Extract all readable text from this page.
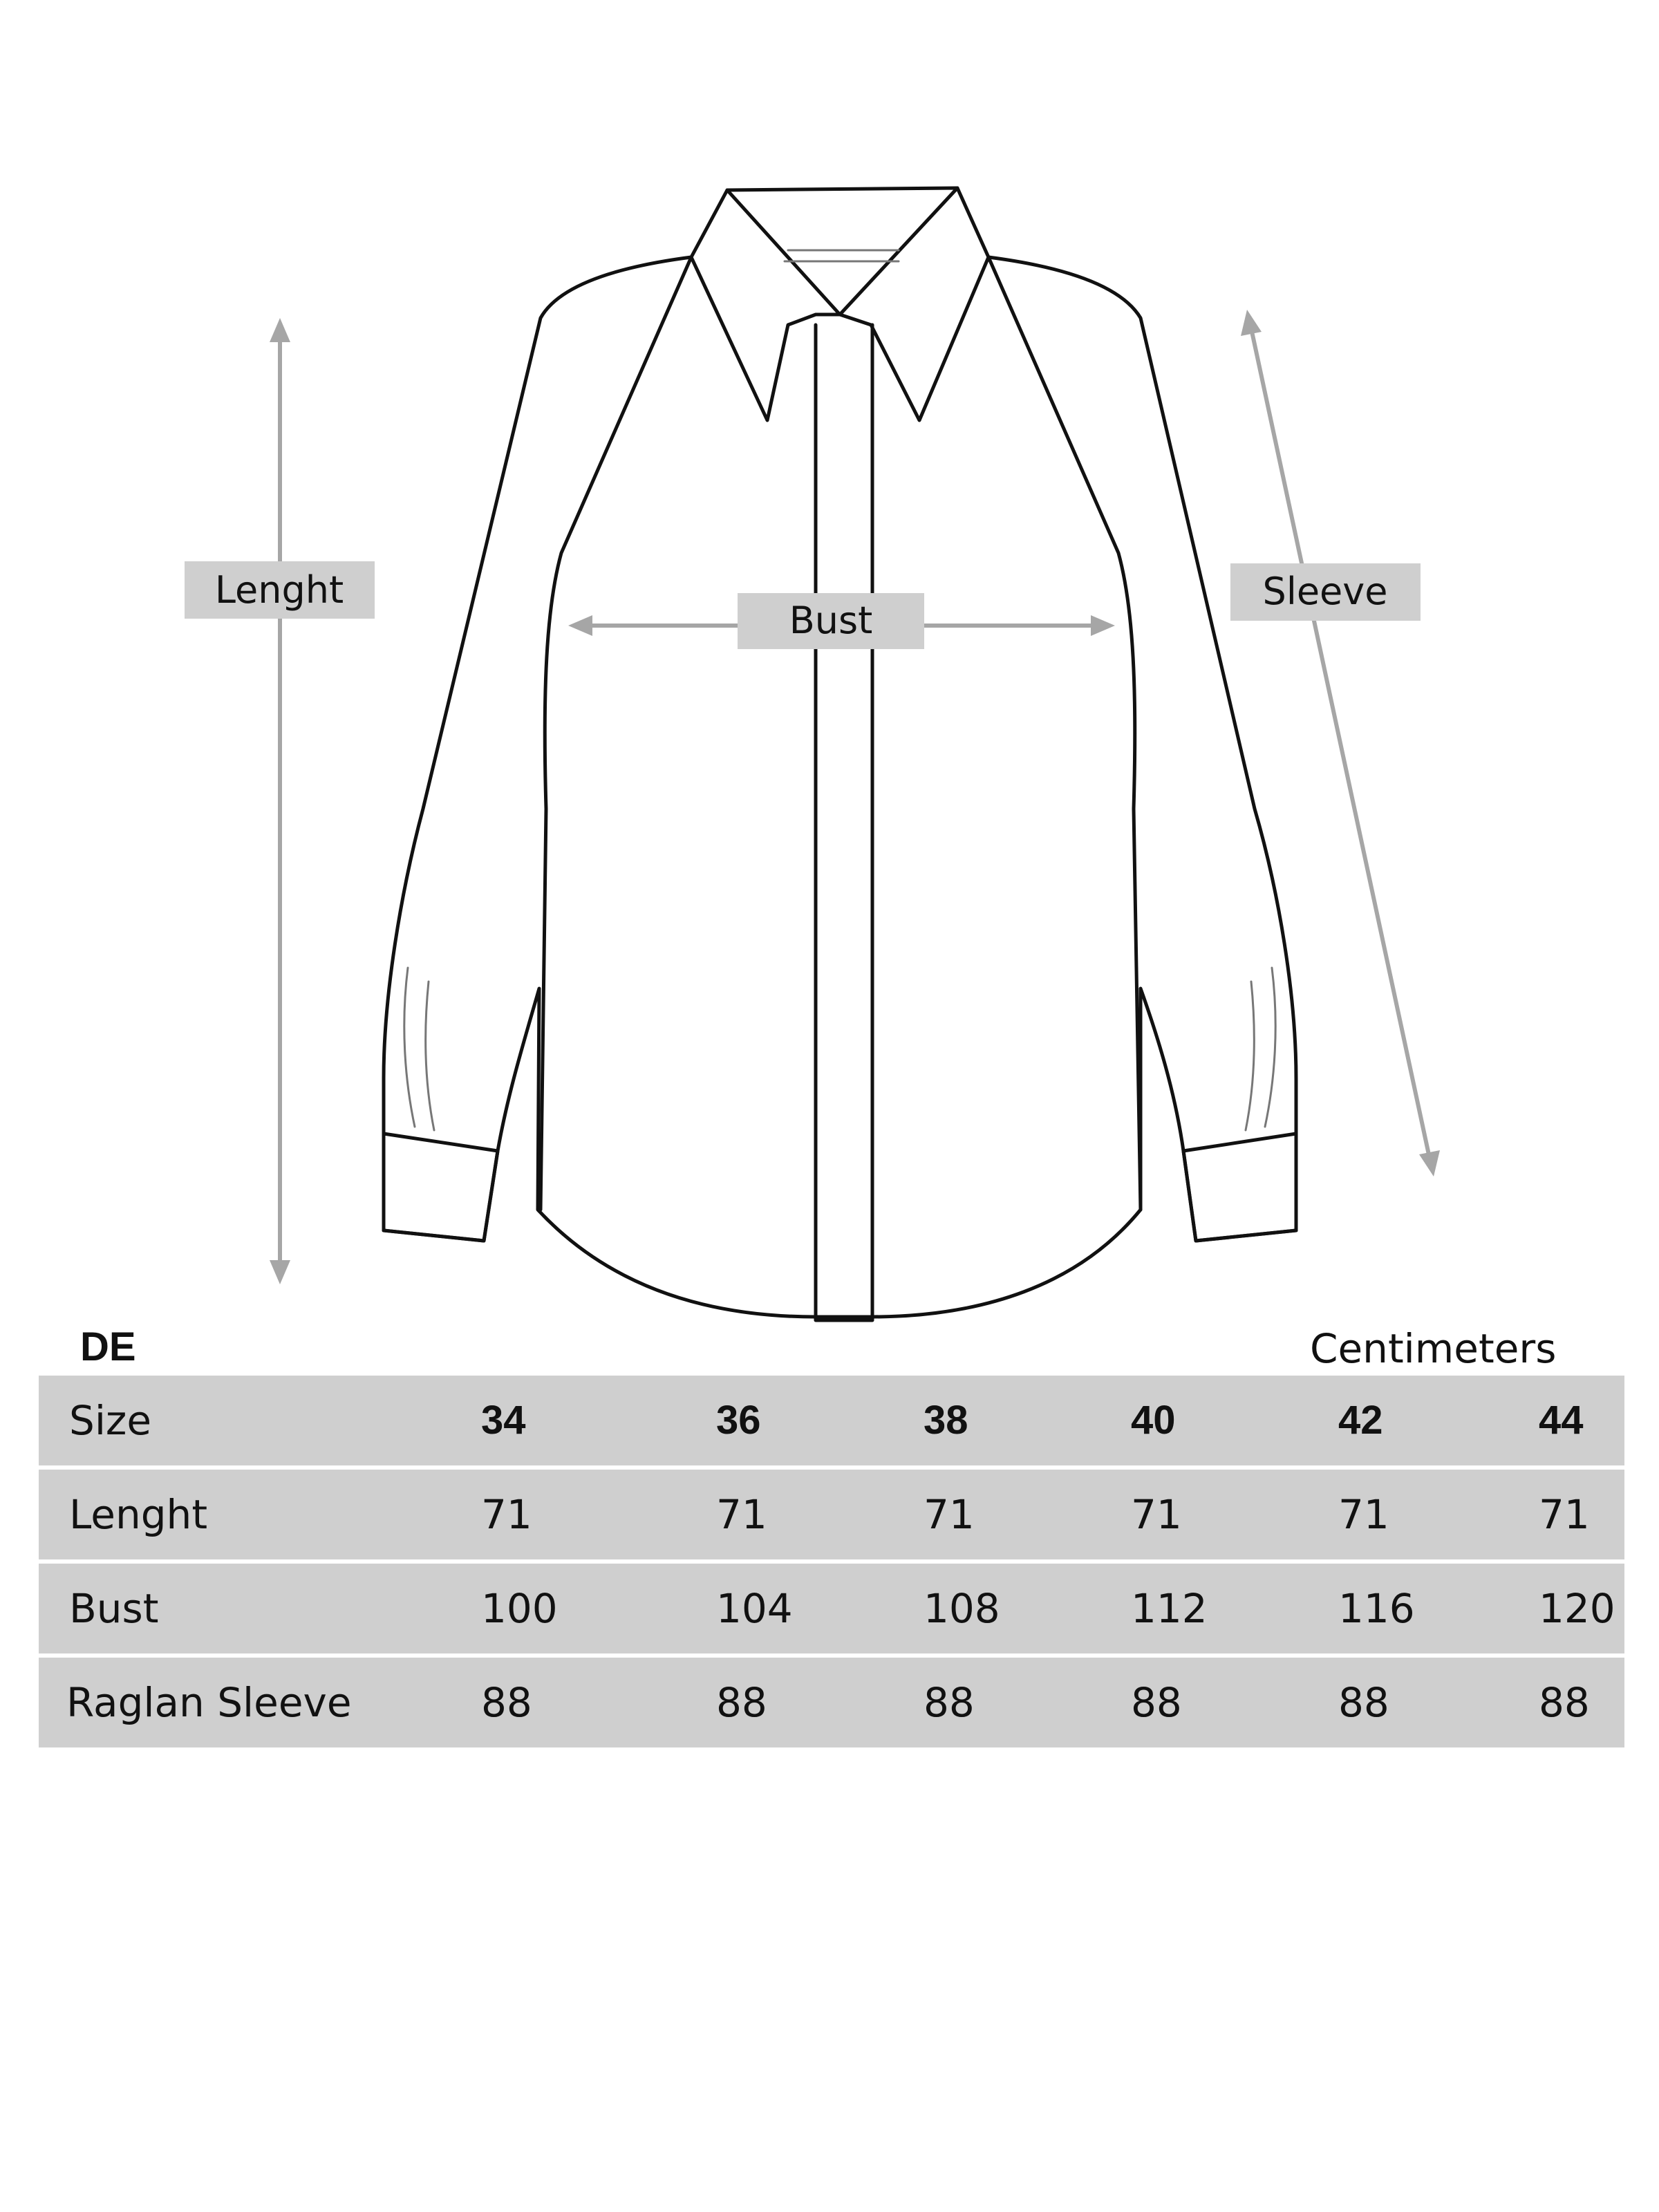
Lenght
Bust
Sleeve
DE	Centimeters
Size	34	36	38	40	42	44
Lenght	71	71	71	71	71	71
Bust	100	104	108	112	116	120
Raglan Sleeve	88	88	88	88	88	88
